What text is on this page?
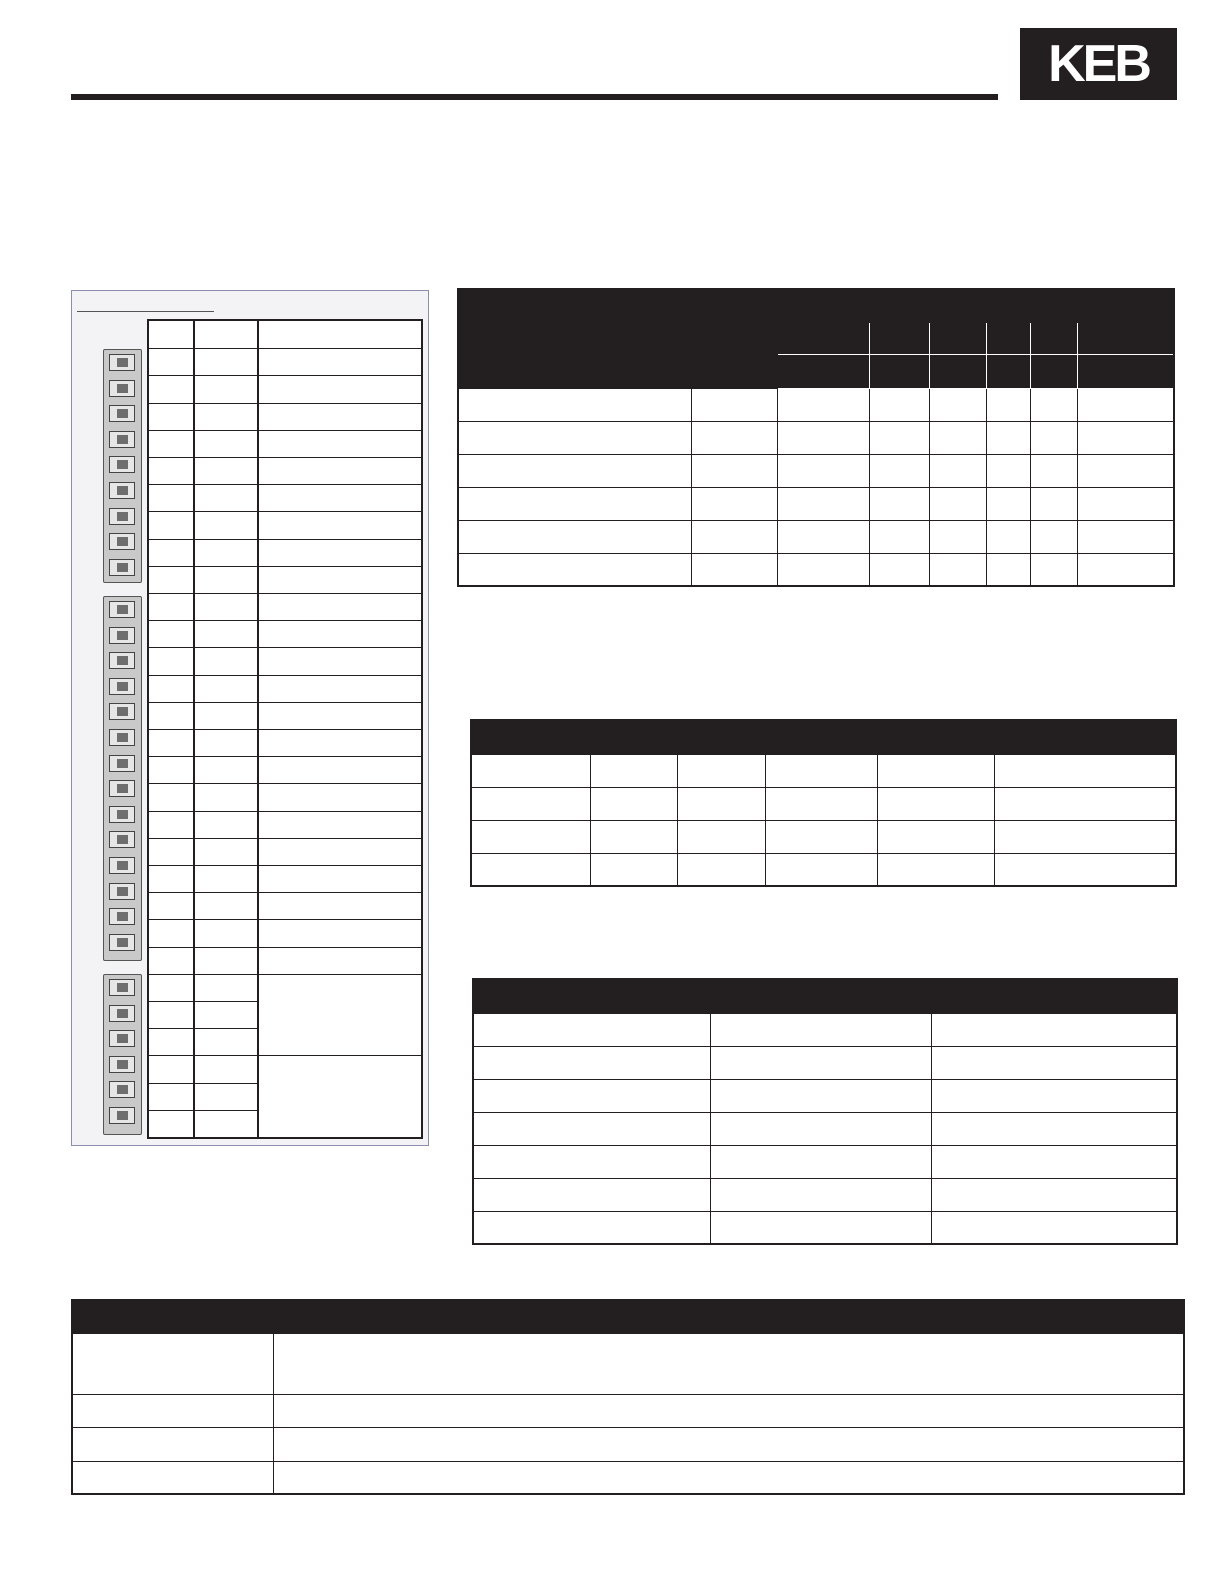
KEB
